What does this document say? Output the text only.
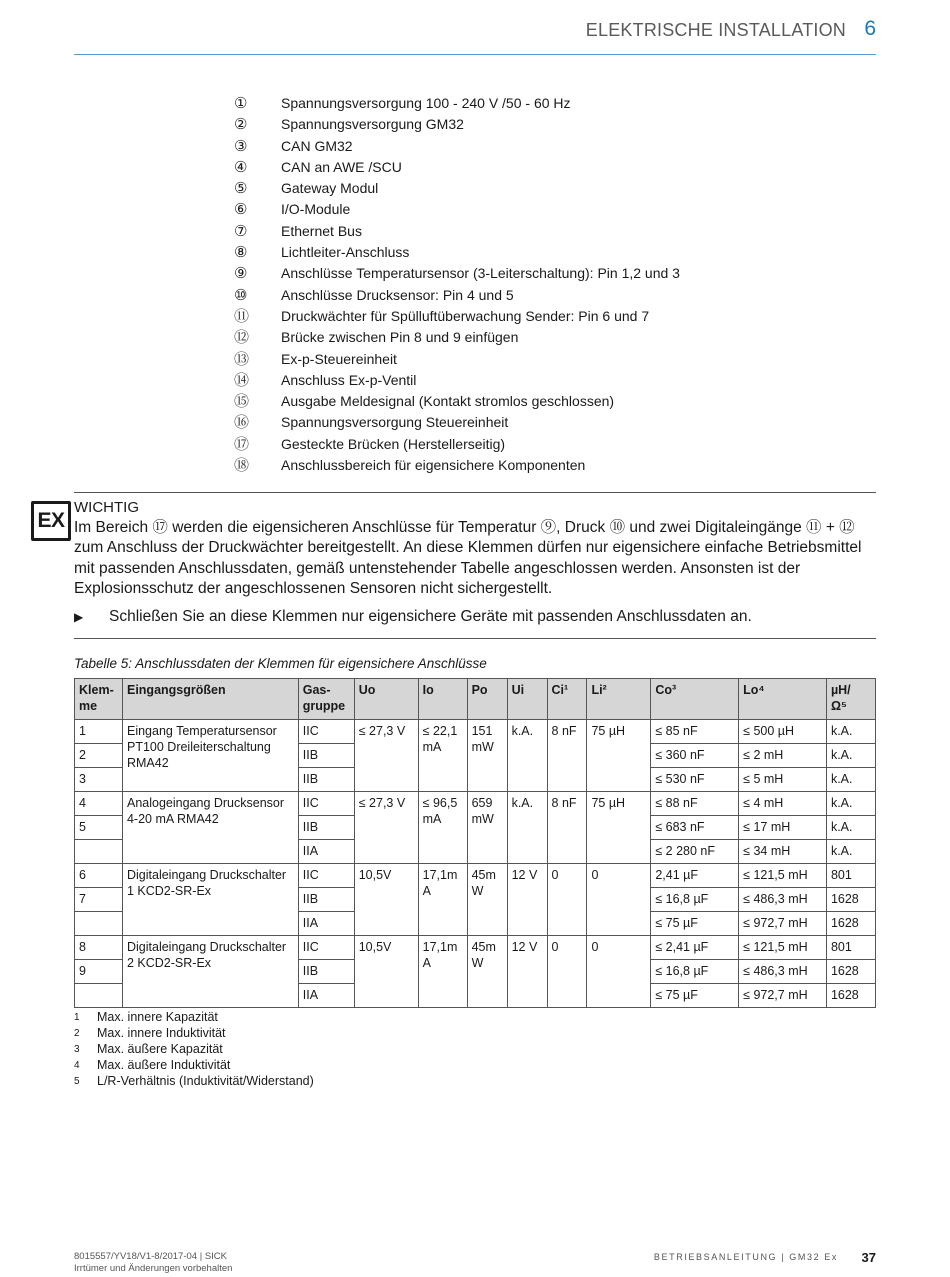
ELEKTRISCHE INSTALLATION 6
① Spannungsversorgung 100 - 240 V /50 - 60 Hz
② Spannungsversorgung GM32
③ CAN GM32
④ CAN an AWE /SCU
⑤ Gateway Modul
⑥ I/O-Module
⑦ Ethernet Bus
⑧ Lichtleiter-Anschluss
⑨ Anschlüsse Temperatursensor (3-Leiterschaltung): Pin 1,2 und 3
⑩ Anschlüsse Drucksensor: Pin 4 und 5
⑪ Druckwächter für Spülluftüberwachung Sender: Pin 6 und 7
⑫ Brücke zwischen Pin 8 und 9 einfügen
⑬ Ex-p-Steuereinheit
⑭ Anschluss Ex-p-Ventil
⑮ Ausgabe Meldesignal (Kontakt stromlos geschlossen)
⑯ Spannungsversorgung Steuereinheit
⑰ Gesteckte Brücken (Herstellerseitig)
⑱ Anschlussbereich für eigensichere Komponenten
EX
WICHTIG
Im Bereich ⑰ werden die eigensicheren Anschlüsse für Temperatur ⑨, Druck ⑩ und zwei Digitaleingänge ⑪ + ⑫ zum Anschluss der Druckwächter bereitgestellt. An diese Klemmen dürfen nur eigensichere einfache Betriebsmittel mit passenden Anschlussdaten, gemäß untenstehender Tabelle angeschlossen werden. Ansonsten ist der Explosionsschutz der angeschlossenen Sensoren nicht sichergestellt.
▶ Schließen Sie an diese Klemmen nur eigensichere Geräte mit passenden Anschlussdaten an.
Tabelle 5: Anschlussdaten der Klemmen für eigensichere Anschlüsse
Klem-
me	Eingangsgrößen	Gas-
gruppe	Uo	Io	Po	Ui	Ci¹	Li²	Co³	Lo⁴	µH/
Ω⁵
1	Eingang Temperatursensor PT100 Dreileiterschaltung RMA42	IIC	≤ 27,3 V	≤ 22,1 mA	151 mW	k.A.	8 nF	75 µH	≤ 85 nF	≤ 500 µH	k.A.
2		IIB							≤ 360 nF	≤ 2 mH	k.A.
3		IIB							≤ 530 nF	≤ 5 mH	k.A.
4	Analogeingang Drucksensor 4-20 mA RMA42	IIC	≤ 27,3 V	≤ 96,5 mA	659 mW	k.A.	8 nF	75 µH	≤ 88 nF	≤ 4 mH	k.A.
5		IIB							≤ 683 nF	≤ 17 mH	k.A.
		IIA							≤ 2 280 nF	≤ 34 mH	k.A.
6	Digitaleingang Druckschalter 1 KCD2-SR-Ex	IIC	10,5V	17,1m A	45m W	12 V	0	0	2,41 µF	≤ 121,5 mH	801
7		IIB							≤ 16,8 µF	≤ 486,3 mH	1628
		IIA							≤ 75 µF	≤ 972,7 mH	1628
8	Digitaleingang Druckschalter 2 KCD2-SR-Ex	IIC	10,5V	17,1m A	45m W	12 V	0	0	≤ 2,41 µF	≤ 121,5 mH	801
9		IIB							≤ 16,8 µF	≤ 486,3 mH	1628
		IIA							≤ 75 µF	≤ 972,7 mH	1628
1 Max. innere Kapazität
2 Max. innere Induktivität
3 Max. äußere Kapazität
4 Max. äußere Induktivität
5 L/R-Verhältnis (Induktivität/Widerstand)
8015557/YV18/V1-8/2017-04 | SICK
Irrtümer und Änderungen vorbehalten
BETRIEBSANLEITUNG | GM32 Ex 37
